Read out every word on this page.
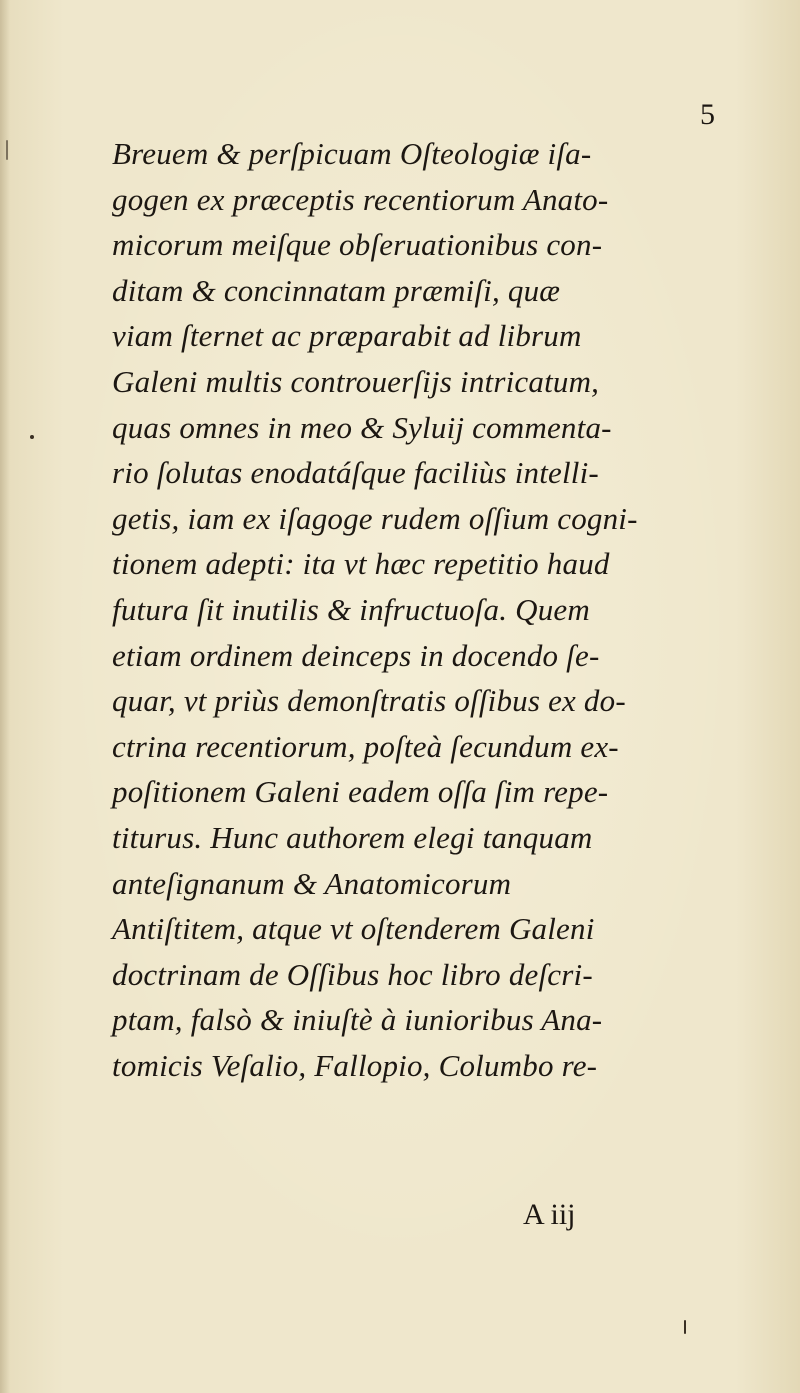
5
Breuem & perſpicuam Oſteologiæ iſa-
gogen ex præceptis recentiorum Anato-
micorum meiſque obſeruationibus con-
ditam & concinnatam præmiſi, quæ
viam ſternet ac præparabit ad librum
Galeni multis controuerſijs intricatum,
quas omnes in meo & Syluij commenta-
rio ſolutas enodatáſque faciliùs intelli-
getis, iam ex iſagoge rudem oſſium cogni-
tionem adepti: ita vt hæc repetitio haud
futura ſit inutilis & infructuoſa. Quem
etiam ordinem deinceps in docendo ſe-
quar, vt priùs demonſtratis oſſibus ex do-
ctrina recentiorum, poſteà ſecundum ex-
poſitionem Galeni eadem oſſa ſim repe-
titurus. Hunc authorem elegi tanquam
anteſignanum & Anatomicorum
Antiſtitem, atque vt oſtenderem Galeni
doctrinam de Oſſibus hoc libro deſcri-
ptam, falsò & iniuſtè à iunioribus Ana-
tomicis Veſalio, Fallopio, Columbo re-
A iij
